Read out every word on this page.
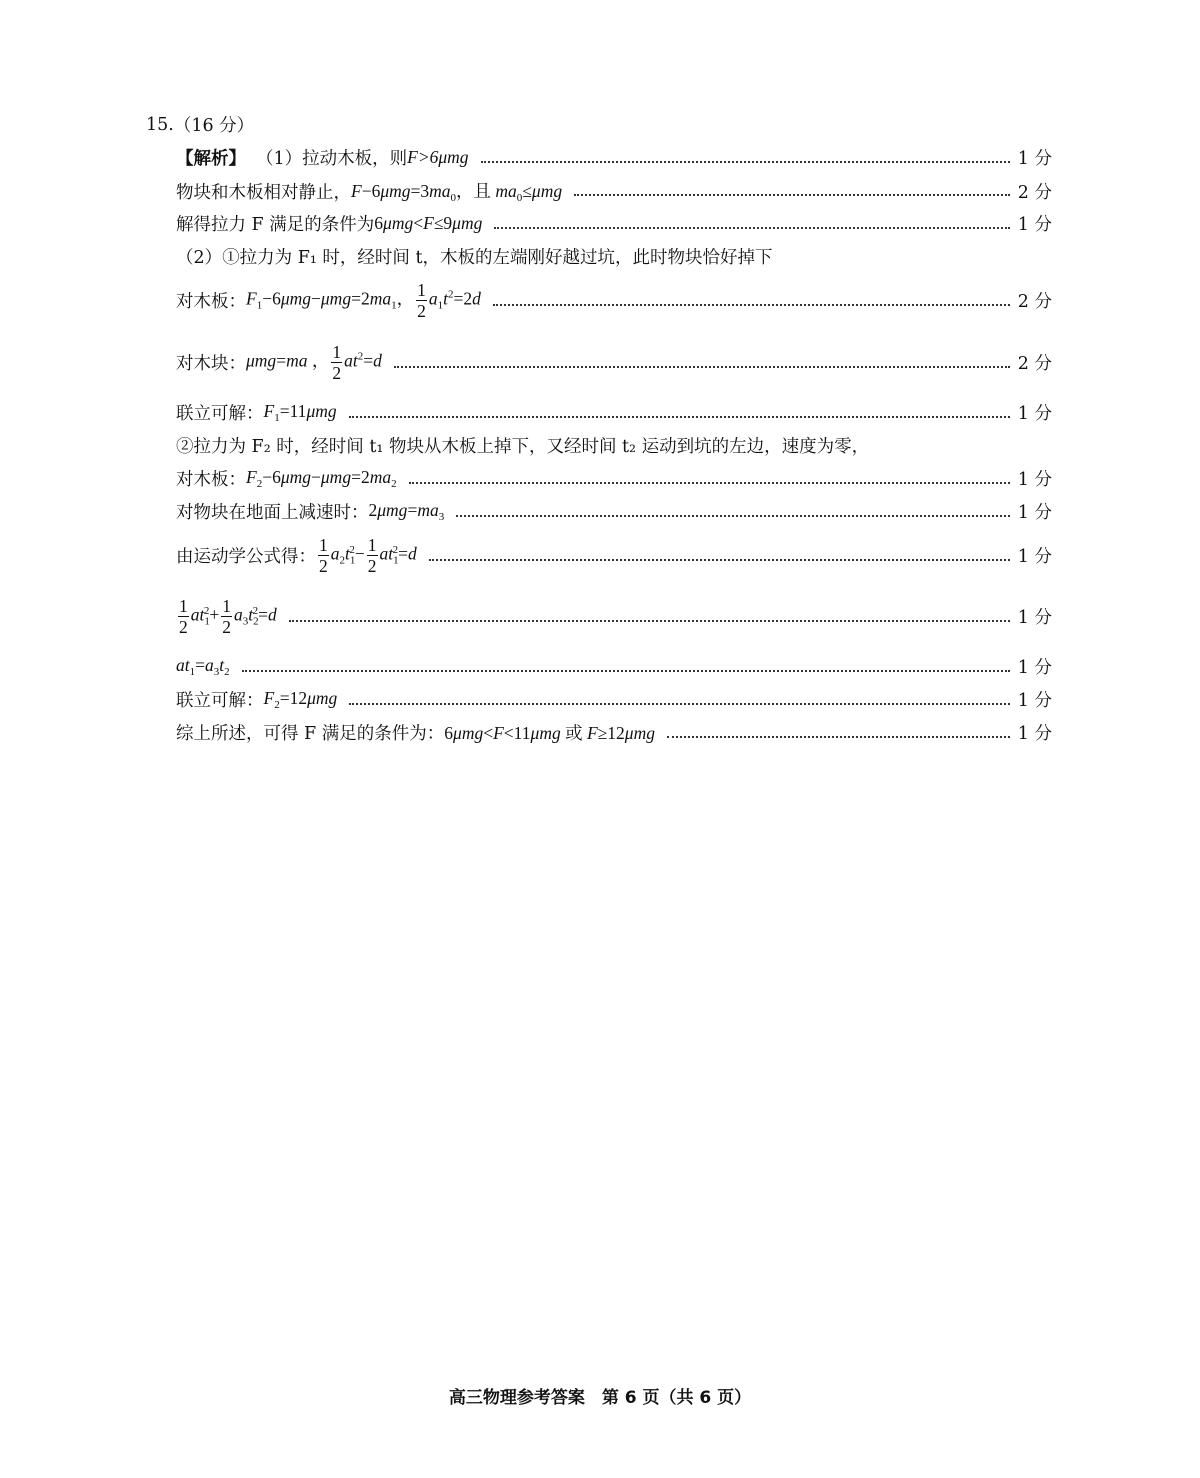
15. （16 分）
【解析】 （1）拉动木板，则 F>6μmg	1 分
物块和木板相对静止， $F-6\mu mg=3ma_0$，且 $ma_0\le\mu mg$	2 分
解得拉力 F 满足的条件为 6μmg<F≤9μmg	1 分
（2）①拉力为 F₁ 时，经时间 t，木板的左端刚好越过坑，此时物块恰好掉下
对木板： $F_1-6\mu mg-\mu mg=2ma_1$， $\frac{1}{2} a_1t^2=2d$	2 分
对木块： μmg=ma ， $\frac{1}{2} at^2=d$	2 分
联立可解： $F_1=11\mu mg$	1 分
②拉力为 F₂ 时，经时间 t₁ 物块从木板上掉下，又经时间 t₂ 运动到坑的左边，速度为零，
对木板： $F_2-6\mu mg-\mu mg=2ma_2$	1 分
对物块在地面上减速时： $2\mu mg=ma_3$	1 分
由运动学公式得： $\frac{1}{2} a_2t_1^2- \frac{1}{2} at_1^2=d$	1 分
$\frac{1}{2} at_1^2+ \frac{1}{2} a_3t_2^2=d$	1 分
$at_1=a_3t_2$	1 分
联立可解： $F_2=12\mu mg$	1 分
综上所述，可得 F 满足的条件为： 6μmg<F<11μmg 或 F≥12μmg	1 分
高三物理参考答案　第 6 页（共 6 页）
